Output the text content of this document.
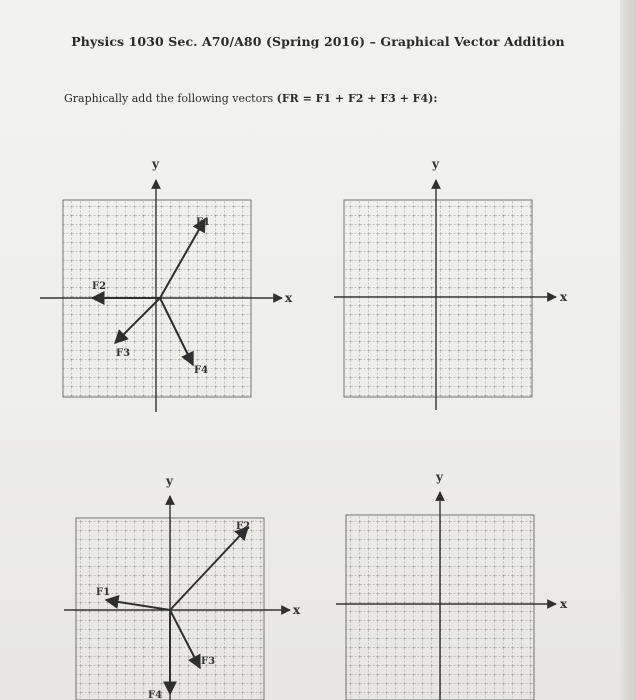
Physics 1030 Sec. A70/A80 (Spring 2016) – Graphical Vector Addition
Graphically add the following vectors (FR = F1 + F2 + F3 + F4):
x
y
F1
F2
F3
F4
x
y
x
y
F1
F2
F3
F4
x
y
